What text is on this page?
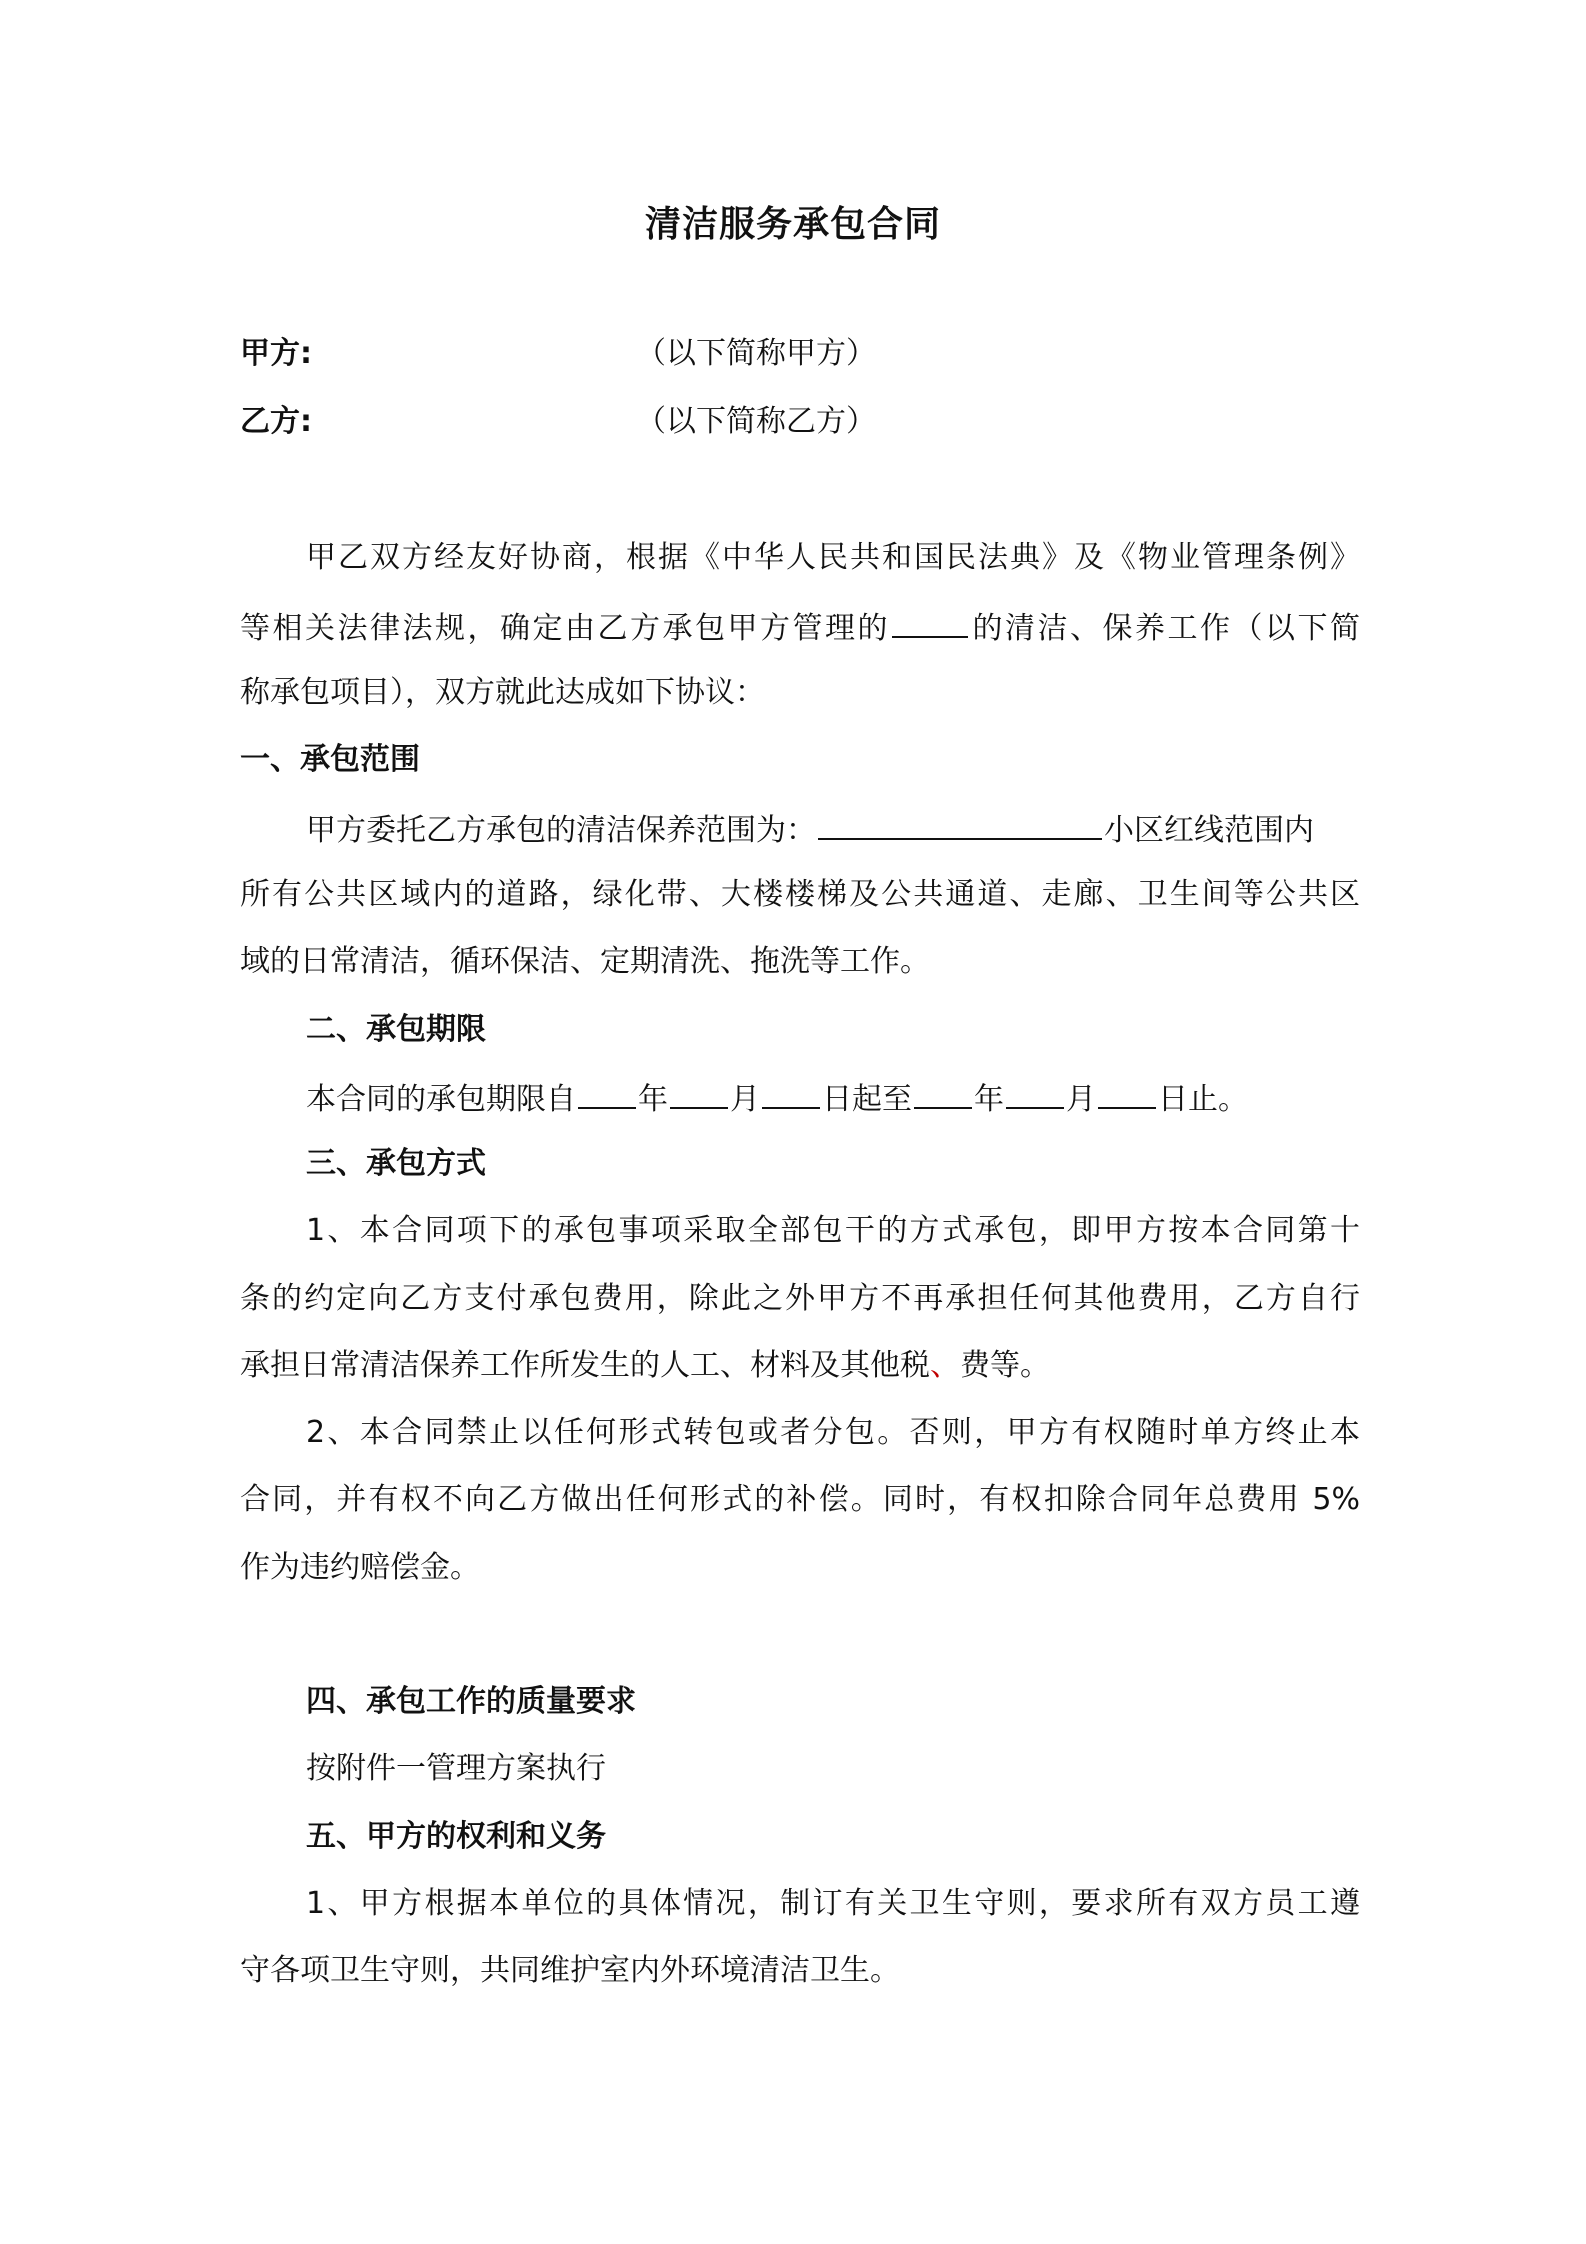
清洁服务承包合同
甲方:	（以下简称甲方）
乙方:	（以下简称乙方）
甲乙双方经友好协商，根据《中华人民共和国民法典》及《物业管理条例》
等相关法律法规，确定由乙方承包甲方管理的	的清洁、保养工作（以下简
称承包项目），双方就此达成如下协议：
一、承包范围
甲方委托乙方承包的清洁保养范围为：	小区红线范围内
所有公共区域内的道路，绿化带、大楼楼梯及公共通道、走廊、卫生间等公共区
域的日常清洁，循环保洁、定期清洗、拖洗等工作。
二、承包期限
本合同的承包期限自 年 月 日起至 年 月 日止。
三、承包方式
1、本合同项下的承包事项采取全部包干的方式承包，即甲方按本合同第十
条的约定向乙方支付承包费用，除此之外甲方不再承担任何其他费用，乙方自行
承担日常清洁保养工作所发生的人工、材料及其他税、费等。
2、本合同禁止以任何形式转包或者分包。否则，甲方有权随时单方终止本
合同，并有权不向乙方做出任何形式的补偿。同时，有权扣除合同年总费用 5%
作为违约赔偿金。
四、承包工作的质量要求
按附件一管理方案执行
五、甲方的权利和义务
1、甲方根据本单位的具体情况，制订有关卫生守则，要求所有双方员工遵
守各项卫生守则，共同维护室内外环境清洁卫生。
